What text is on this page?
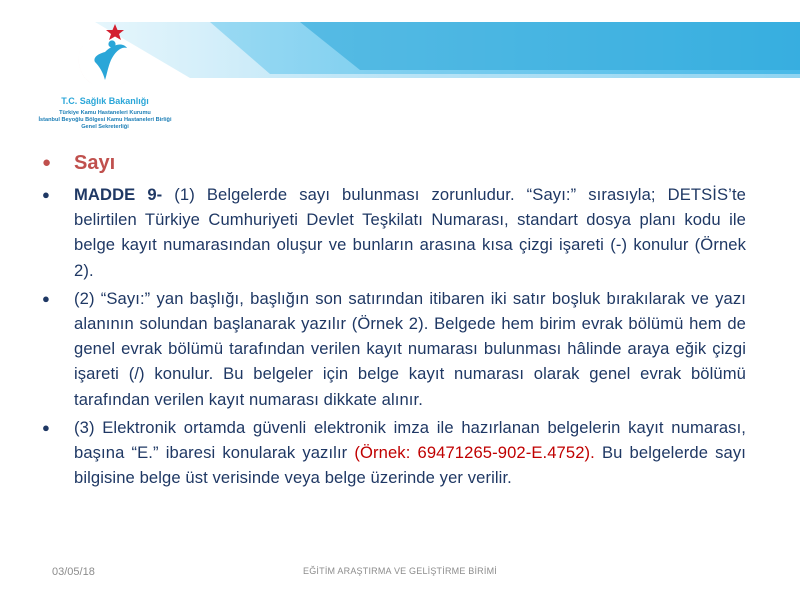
T.C. Sağlık Bakanlığı
Türkiye Kamu Hastaneleri Kurumu
İstanbul Beyoğlu Bölgesi Kamu Hastaneleri Birliği
Genel Sekreterliği
●	Sayı
●	MADDE 9- (1) Belgelerde sayı bulunması zorunludur. “Sayı:” sırasıyla; DETSİS’te belirtilen Türkiye Cumhuriyeti Devlet Teşkilatı Numarası, standart dosya planı kodu ile belge kayıt numarasından oluşur ve bunların arasına kısa çizgi işareti (-) konulur (Örnek 2).
●	(2) “Sayı:” yan başlığı, başlığın son satırından itibaren iki satır boşluk bırakılarak ve yazı alanının solundan başlanarak yazılır (Örnek 2). Belgede hem birim evrak bölümü hem de genel evrak bölümü tarafından verilen kayıt numarası bulunması hâlinde araya eğik çizgi işareti (/) konulur. Bu belgeler için belge kayıt numarası olarak genel evrak bölümü tarafından verilen kayıt numarası dikkate alınır.
●	(3) Elektronik ortamda güvenli elektronik imza ile hazırlanan belgelerin kayıt numarası, başına “E.” ibaresi konularak yazılır (Örnek: 69471265-902-E.4752). Bu belgelerde sayı bilgisine belge üst verisinde veya belge üzerinde yer verilir.
03/05/18	EĞİTİM ARAŞTIRMA VE GELİŞTİRME BİRİMİ
